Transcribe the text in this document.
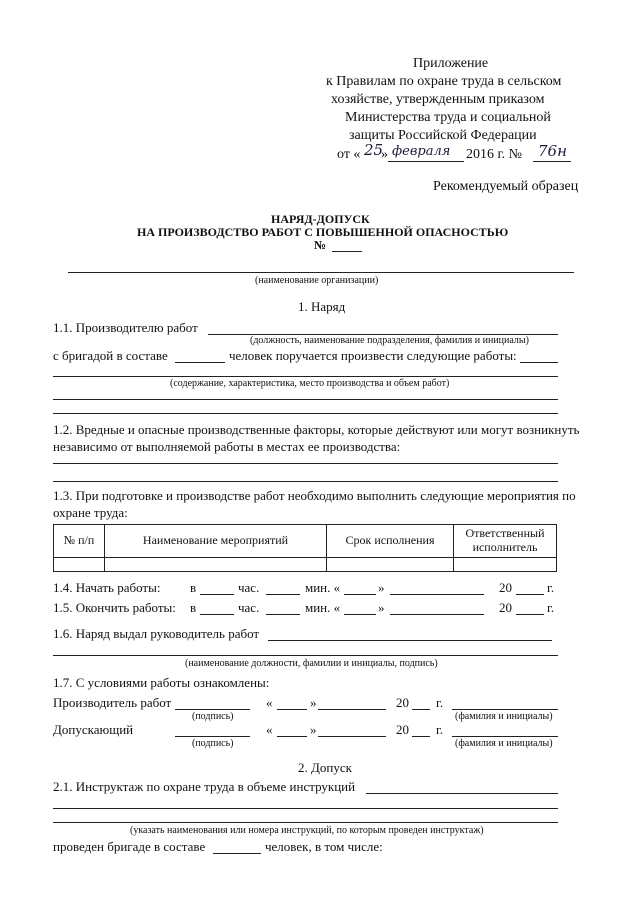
Приложение
к Правилам по охране труда в сельском
хозяйстве, утвержденным приказом
Министерства труда и социальной
защиты Российской Федерации
от « 25
» февраля 2016 г. № 76н
Рекомендуемый образец
НАРЯД-ДОПУСК
НА ПРОИЗВОДСТВО РАБОТ С ПОВЫШЕННОЙ ОПАСНОСТЬЮ
№
(наименование организации)
1. Наряд
1.1. Производителю работ
(должность, наименование подразделения, фамилия и инициалы)
с бригадой в составе	человек поручается произвести следующие работы:
(содержание, характеристика, место производства и объем работ)
1.2. Вредные и опасные производственные факторы, которые действуют или могут возникнуть
независимо от выполняемой работы в местах ее производства:
1.3. При подготовке и производстве работ необходимо выполнить следующие мероприятия по
охране труда:
№ п/п	Наименование мероприятий	Срок исполнения	Ответственный исполнитель

1.4. Начать работы: в	час.	мин. «	»	20	г.
1.5. Окончить работы: в	час.	мин. «	»	20	г.
1.6. Наряд выдал руководитель работ
(наименование должности, фамилии и инициалы, подпись)
1.7. С условиями работы ознакомлены:
Производитель работ
(подпись)
«	»	20 г.
(фамилия и инициалы)
Допускающий
(подпись)
«	»	20 г.
(фамилия и инициалы)
2. Допуск
2.1. Инструктаж по охране труда в объеме инструкций
(указать наименования или номера инструкций, по которым проведен инструктаж)
проведен бригаде в составе	человек, в том числе:
